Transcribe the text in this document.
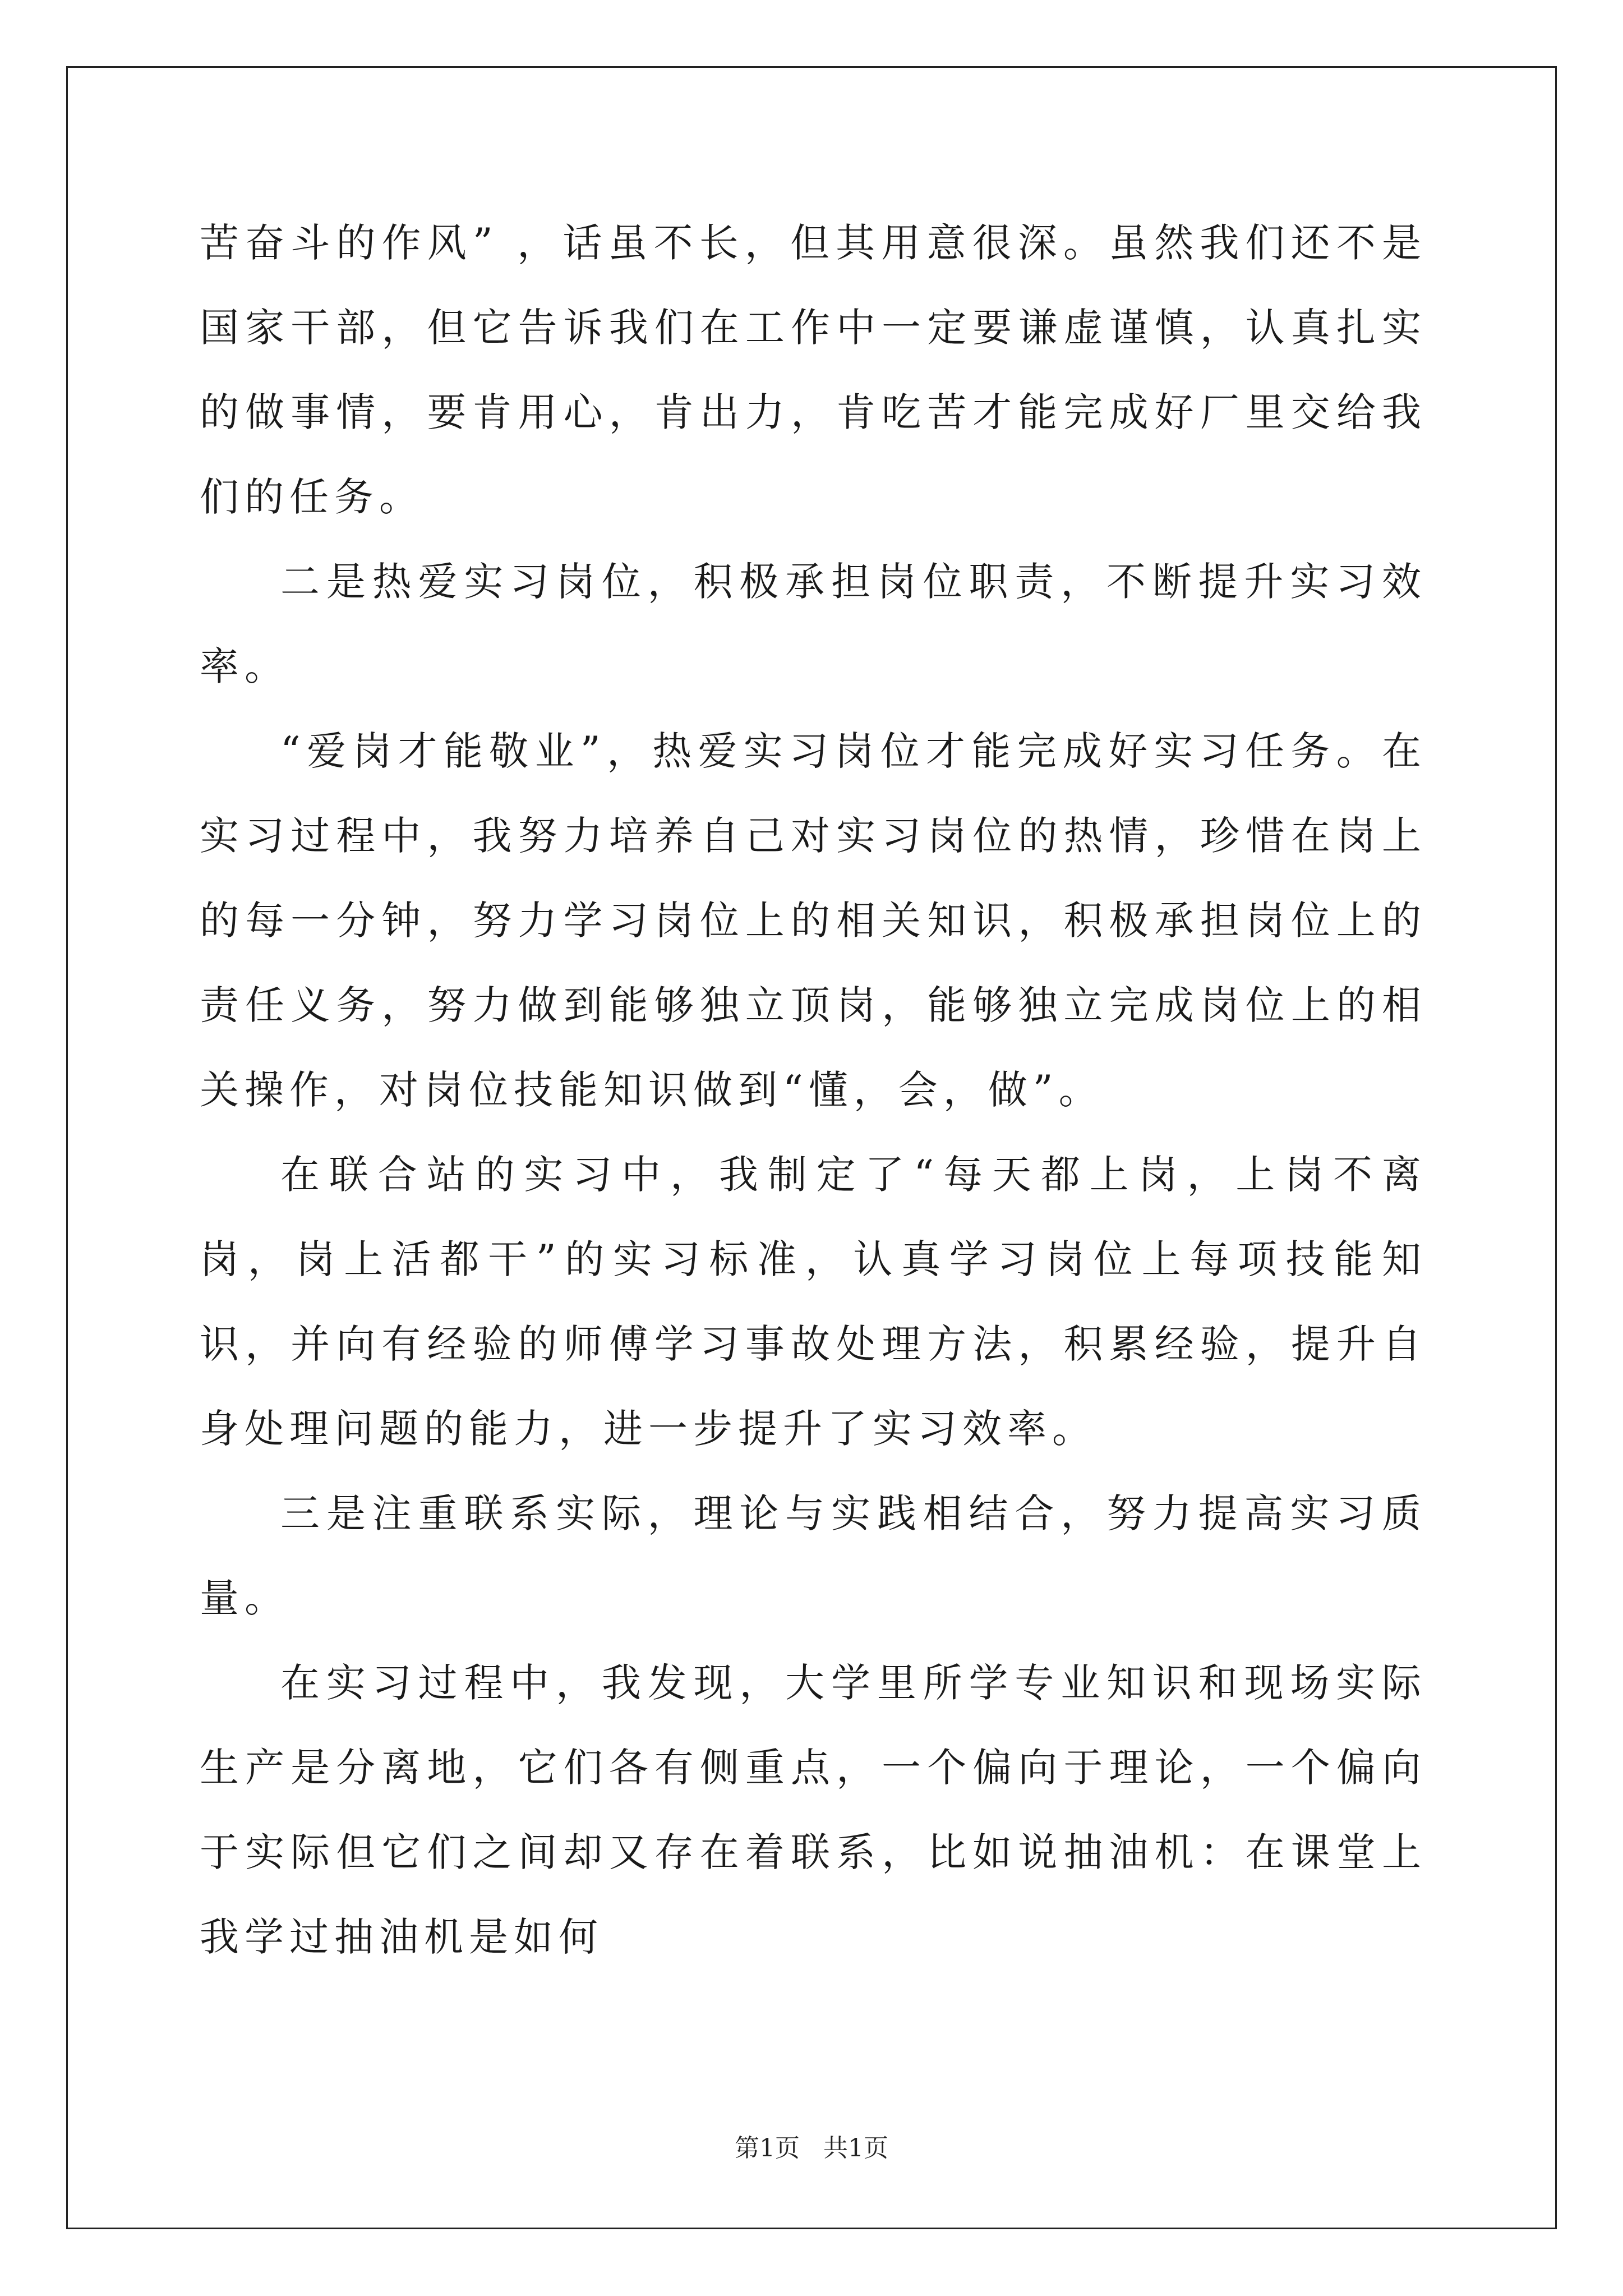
苦奋斗的作风” ，话虽不长，但其用意很深。虽然我们还不是国家干部，但它告诉我们在工作中一定要谦虚谨慎，认真扎实的做事情，要肯用心，肯出力，肯吃苦才能完成好厂里交给我们的任务。

二是热爱实习岗位，积极承担岗位职责，不断提升实习效率。

“爱岗才能敬业”，热爱实习岗位才能完成好实习任务。在实习过程中，我努力培养自己对实习岗位的热情，珍惜在岗上的每一分钟，努力学习岗位上的相关知识，积极承担岗位上的责任义务，努力做到能够独立顶岗，能够独立完成岗位上的相关操作，对岗位技能知识做到“懂，会，做”。

在联合站的实习中，我制定了“每天都上岗，上岗不离岗，岗上活都干”的实习标准，认真学习岗位上每项技能知识，并向有经验的师傅学习事故处理方法，积累经验，提升自身处理问题的能力，进一步提升了实习效率。

三是注重联系实际，理论与实践相结合，努力提高实习质量。

在实习过程中，我发现，大学里所学专业知识和现场实际生产是分离地，它们各有侧重点，一个偏向于理论，一个偏向于实际但它们之间却又存在着联系，比如说抽油机：在课堂上我学过抽油机是如何

第1页 共1页
